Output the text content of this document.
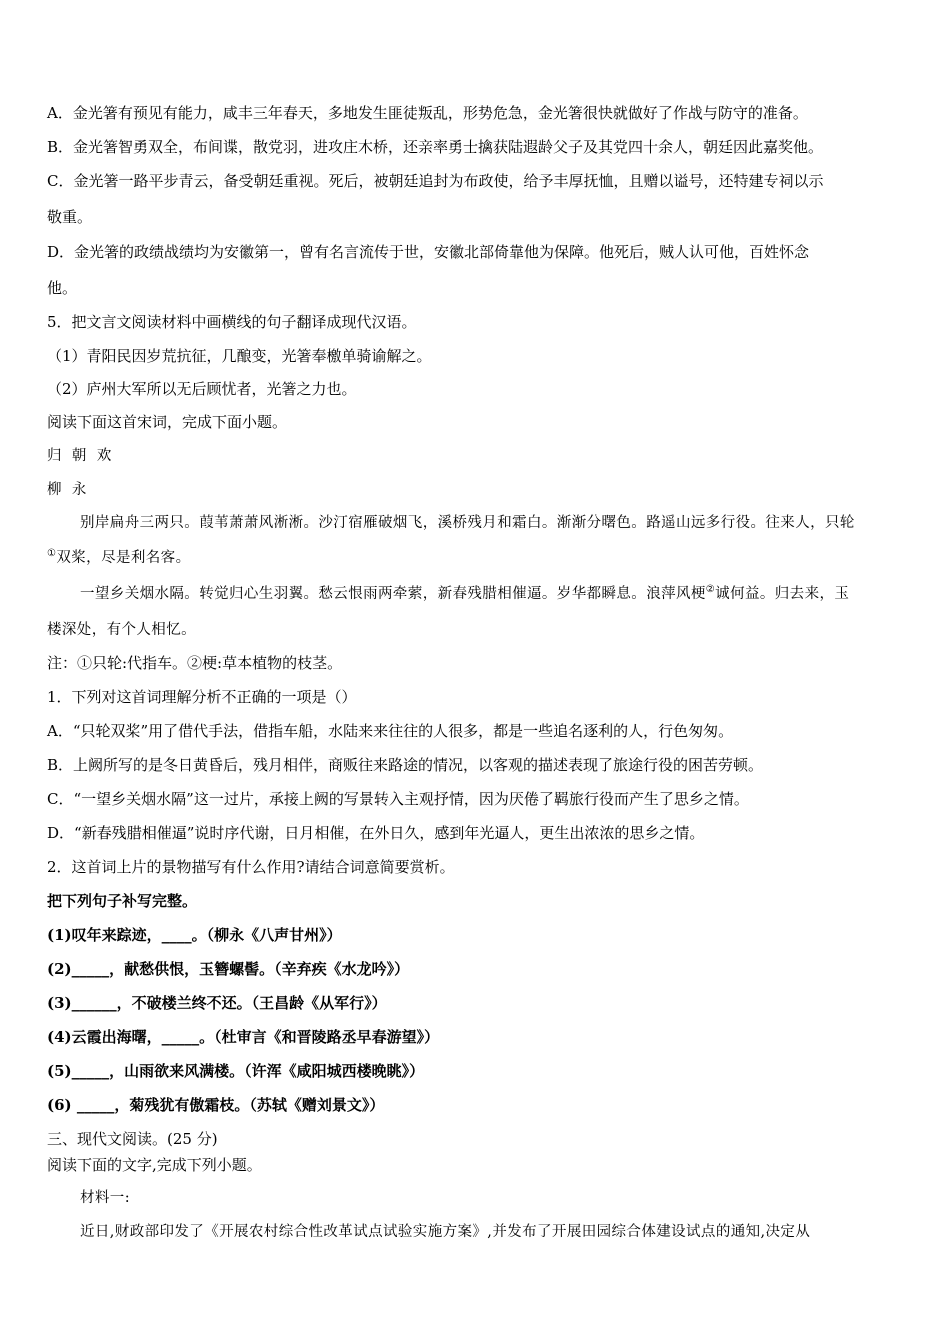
A．金光箸有预见有能力，咸丰三年春天，多地发生匪徒叛乱，形势危急，金光箸很快就做好了作战与防守的准备。
B．金光箸智勇双全，布间谍，散党羽，进攻庄木桥，还亲率勇士擒获陆遐龄父子及其党四十余人，朝廷因此嘉奖他。
C．金光箸一路平步青云，备受朝廷重视。死后，被朝廷追封为布政使，给予丰厚抚恤，且赠以谥号，还特建专祠以示
敬重。
D．金光箸的政绩战绩均为安徽第一，曾有名言流传于世，安徽北部倚靠他为保障。他死后，贼人认可他，百姓怀念
他。
5．把文言文阅读材料中画横线的句子翻译成现代汉语。
（1）青阳民因岁荒抗征，几酿变，光箸奉檄单骑谕解之。
（2）庐州大军所以无后顾忧者，光箸之力也。
阅读下面这首宋词，完成下面小题。
归  朝  欢
柳  永
别岸扁舟三两只。葭苇萧萧风淅淅。沙汀宿雁破烟飞，溪桥残月和霜白。渐渐分曙色。路遥山远多行役。往来人，只轮
①双桨，尽是利名客。
一望乡关烟水隔。转觉归心生羽翼。愁云恨雨两牵萦，新春残腊相催逼。岁华都瞬息。浪萍风梗②诚何益。归去来，玉
楼深处，有个人相忆。
注：①只轮:代指车。②梗:草本植物的枝茎。
1．下列对这首词理解分析不正确的一项是（）
A．“只轮双桨”用了借代手法，借指车船，水陆来来往往的人很多，都是一些追名逐利的人，行色匆匆。
B．上阙所写的是冬日黄昏后，残月相伴，商贩往来路途的情况，以客观的描述表现了旅途行役的困苦劳顿。
C．“一望乡关烟水隔”这一过片，承接上阙的写景转入主观抒情，因为厌倦了羁旅行役而产生了思乡之情。
D．“新春残腊相催逼”说时序代谢，日月相催，在外日久，感到年光逼人，更生出浓浓的思乡之情。
2．这首词上片的景物描写有什么作用?请结合词意简要赏析。
把下列句子补写完整。
(1)叹年来踪迹，____。（柳永《八声甘州》）
(2)_____，献愁供恨，玉簪螺髻。（辛弃疾《水龙吟》）
(3)______，不破楼兰终不还。（王昌龄《从军行》）
(4)云霞出海曙，_____。（杜审言《和晋陵路丞早春游望》）
(5)_____，山雨欲来风满楼。（许浑《咸阳城西楼晚眺》）
(6) _____，菊残犹有傲霜枝。（苏轼《赠刘景文》）
三、现代文阅读。(25 分)
阅读下面的文字,完成下列小题。
材料一:
近日,财政部印发了《开展农村综合性改革试点试验实施方案》,并发布了开展田园综合体建设试点的通知,决定从
